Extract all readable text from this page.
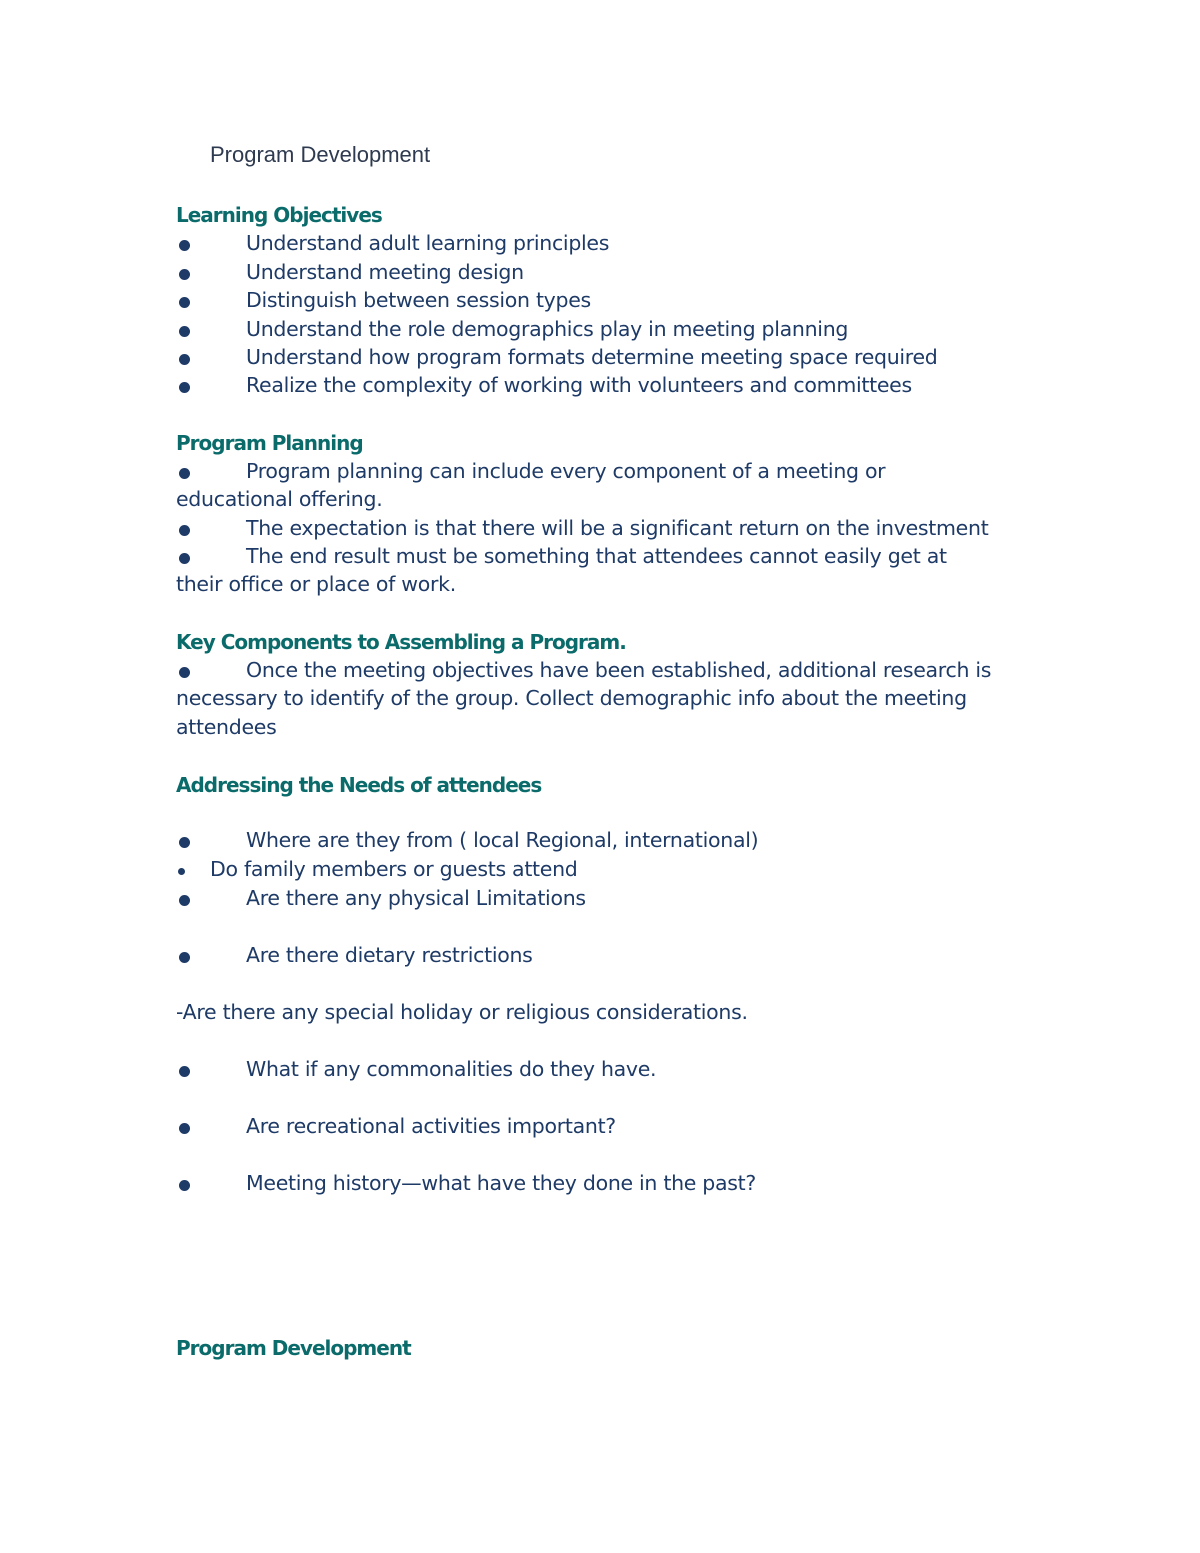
Program Development
Learning Objectives
Understand adult learning principles
Understand meeting design
Distinguish between session types
Understand the role demographics play in meeting planning
Understand how program formats determine meeting space required
Realize the complexity of working with volunteers and committees
Program Planning
Program planning can include every component of a meeting or
educational offering.
The expectation is that there will be a significant return on the investment
The end result must be something that attendees cannot easily get at
their office or place of work.
Key Components to Assembling a Program.
Once the meeting objectives have been established, additional research is
necessary to identify of the group. Collect demographic info about the meeting
attendees
Addressing the Needs of attendees
Where are they from ( local Regional, international)
Do family members or guests attend
Are there any physical Limitations
Are there dietary restrictions
-Are there any special holiday or religious considerations.
What if any commonalities do they have.
Are recreational activities important?
Meeting history—what have they done in the past?
Program Development
